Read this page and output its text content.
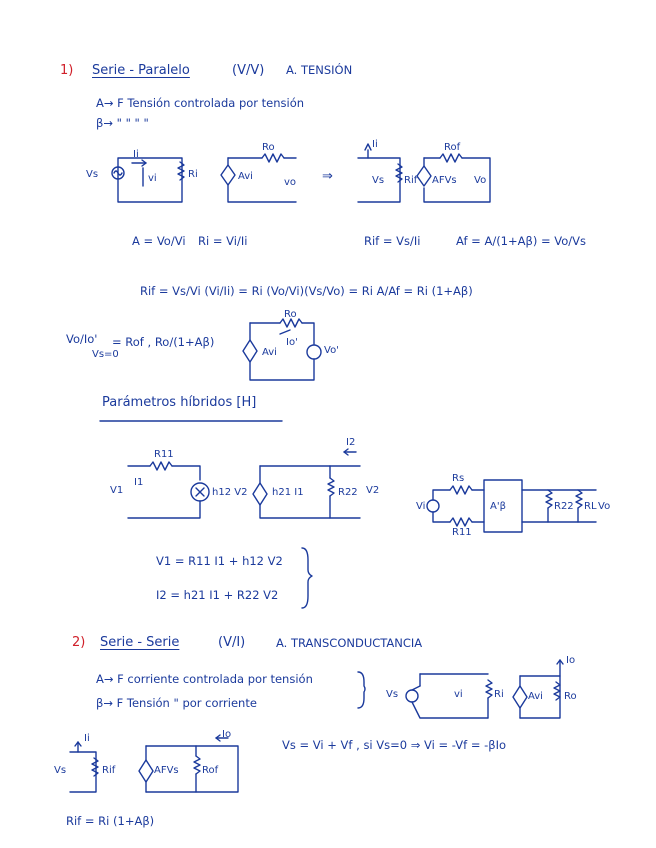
1) Serie - Paralelo	(V/V) A. TENSIÓN
A→ F Tensión controlada por tensión
β→ " " " "
Vs
Ii
vi	Ri
Ro
Avi
vo ⇒
Ii
Vs Rif
Rof
AFVs Vo
A = Vo/Vi Ri = Vi/Ii	Rif = Vs/Ii	Af = A/(1+Aβ) = Vo/Vs
Rif = Vs/Vi (Vi/Ii) = Ri (Vo/Vi)(Vs/Vo) = Ri A/Af = Ri (1+Aβ)
Vo/Io'
Vs=0
= Rof , Ro/(1+Aβ)
Ro
Avi
Io'
Vo'
Parámetros híbridos [H]
R11
V1
I1
h12 V2 h21 I1	R22 V2
I2
Rs
Vi
R11
A'β	R22 RL Vo
V1 = R11 I1 + h12 V2
I2 = h21 I1 + R22 V2
2) Serie - Serie	(V/I)	A. TRANSCONDUCTANCIA
A→ F corriente controlada por tensión
β→ F Tensión " por corriente
Vs	vi	Ri
Io
Avi Ro
Ii
Vs	Rif
Io
AFVs Rof
Vs = Vi + Vf , si Vs=0 ⇒ Vi = -Vf = -βIo
Rif = Ri (1+Aβ)
